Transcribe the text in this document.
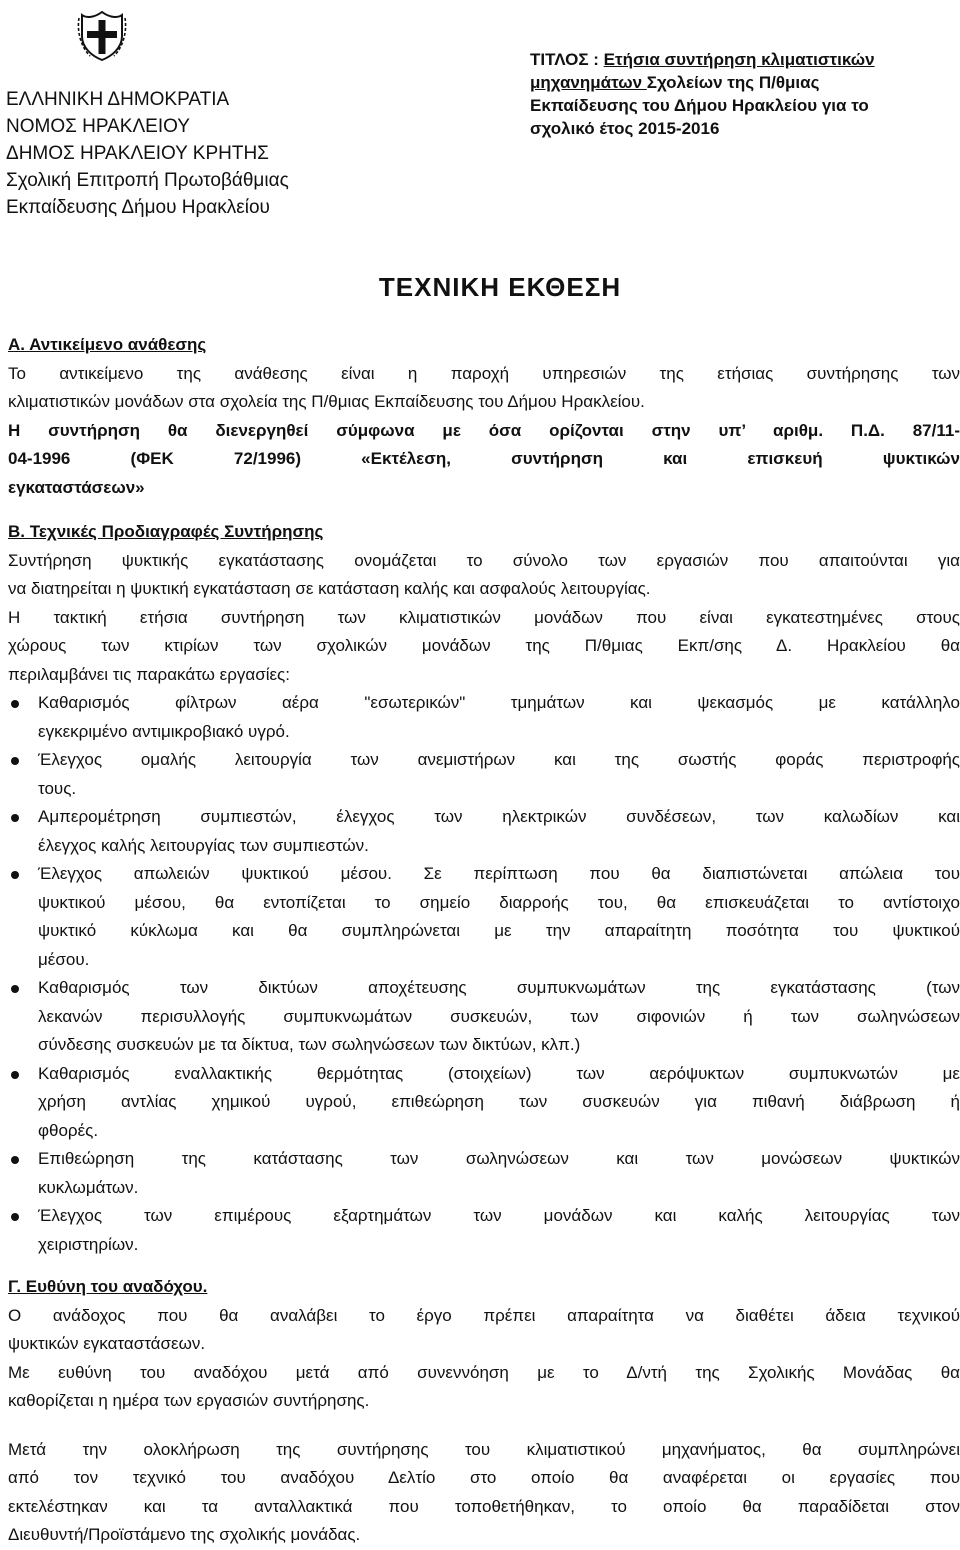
ΕΛΛΗΝΙΚΗ ΔΗΜΟΚΡΑΤΙΑ
ΝΟΜΟΣ ΗΡΑΚΛΕΙΟΥ
ΔΗΜΟΣ ΗΡΑΚΛΕΙΟΥ ΚΡΗΤΗΣ
Σχολική Επιτροπή Πρωτοβάθμιας
Εκπαίδευσης Δήμου Ηρακλείου
ΤΙΤΛΟΣ : Ετήσια συντήρηση κλιματιστικών
μηχανημάτων Σχολείων της Π/θμιας
Εκπαίδευσης του Δήμου Ηρακλείου για το
σχολικό έτος 2015-2016
ΤΕΧΝΙΚΗ ΕΚΘΕΣΗ

Α. Αντικείμενο ανάθεσης

Το αντικείμενο της ανάθεσης είναι η παροχή υπηρεσιών της ετήσιας συντήρησης των

κλιματιστικών μονάδων στα σχολεία της Π/θμιας Εκπαίδευσης του Δήμου Ηρακλείου.

Η συντήρηση θα διενεργηθεί σύμφωνα με όσα ορίζονται στην υπ’ αριθμ. Π.Δ. 87/11-

04-1996 (ΦΕΚ 72/1996) «Εκτέλεση, συντήρηση και επισκευή ψυκτικών

εγκαταστάσεων»

Β. Τεχνικές Προδιαγραφές Συντήρησης

Συντήρηση ψυκτικής εγκατάστασης ονομάζεται το σύνολο των εργασιών που απαιτούνται για

να διατηρείται η ψυκτική εγκατάσταση σε κατάσταση καλής και ασφαλούς λειτουργίας.

Η τακτική ετήσια συντήρηση των κλιματιστικών μονάδων που είναι εγκατεστημένες στους

χώρους των κτιρίων των σχολικών μονάδων της Π/θμιας Εκπ/σης Δ. Ηρακλείου θα

περιλαμβάνει τις παρακάτω εργασίες:

Καθαρισμός φίλτρων αέρα "εσωτερικών" τμημάτων και ψεκασμός με κατάλληλο
εγκεκριμένο αντιμικροβιακό υγρό.
Έλεγχος ομαλής λειτουργία των ανεμιστήρων και της σωστής φοράς περιστροφής
τους.
Αμπερομέτρηση συμπιεστών, έλεγχος των ηλεκτρικών συνδέσεων, των καλωδίων και
έλεγχος καλής λειτουργίας των συμπιεστών.
Έλεγχος απωλειών ψυκτικού μέσου. Σε περίπτωση που θα διαπιστώνεται απώλεια του
ψυκτικού μέσου, θα εντοπίζεται το σημείο διαρροής του, θα επισκευάζεται το αντίστοιχο
ψυκτικό κύκλωμα και θα συμπληρώνεται με την απαραίτητη ποσότητα του ψυκτικού
μέσου.
Καθαρισμός των δικτύων αποχέτευσης συμπυκνωμάτων της εγκατάστασης (των
λεκανών περισυλλογής συμπυκνωμάτων συσκευών, των σιφονιών ή των σωληνώσεων
σύνδεσης συσκευών με τα δίκτυα, των σωληνώσεων των δικτύων, κλπ.)
Καθαρισμός εναλλακτικής θερμότητας (στοιχείων) των αερόψυκτων συμπυκνωτών με
χρήση αντλίας χημικού υγρού, επιθεώρηση των συσκευών για πιθανή διάβρωση ή
φθορές.
Επιθεώρηση της κατάστασης των σωληνώσεων και των μονώσεων ψυκτικών
κυκλωμάτων.
Έλεγχος των επιμέρους εξαρτημάτων των μονάδων και καλής λειτουργίας των
χειριστηρίων.

Γ. Ευθύνη του αναδόχου.

Ο ανάδοχος που θα αναλάβει το έργο πρέπει απαραίτητα να διαθέτει άδεια τεχνικού

ψυκτικών εγκαταστάσεων.

Με ευθύνη του αναδόχου μετά από συνεννόηση με το Δ/ντή της Σχολικής Μονάδας θα

καθορίζεται η ημέρα των εργασιών συντήρησης.

Μετά την ολοκλήρωση της συντήρησης του κλιματιστικού μηχανήματος, θα συμπληρώνει

από τον τεχνικό του αναδόχου Δελτίο στο οποίο θα αναφέρεται οι εργασίες που

εκτελέστηκαν και τα ανταλλακτικά που τοποθετήθηκαν, το οποίο θα παραδίδεται στον

Διευθυντή/Προϊστάμενο της σχολικής μονάδας.
